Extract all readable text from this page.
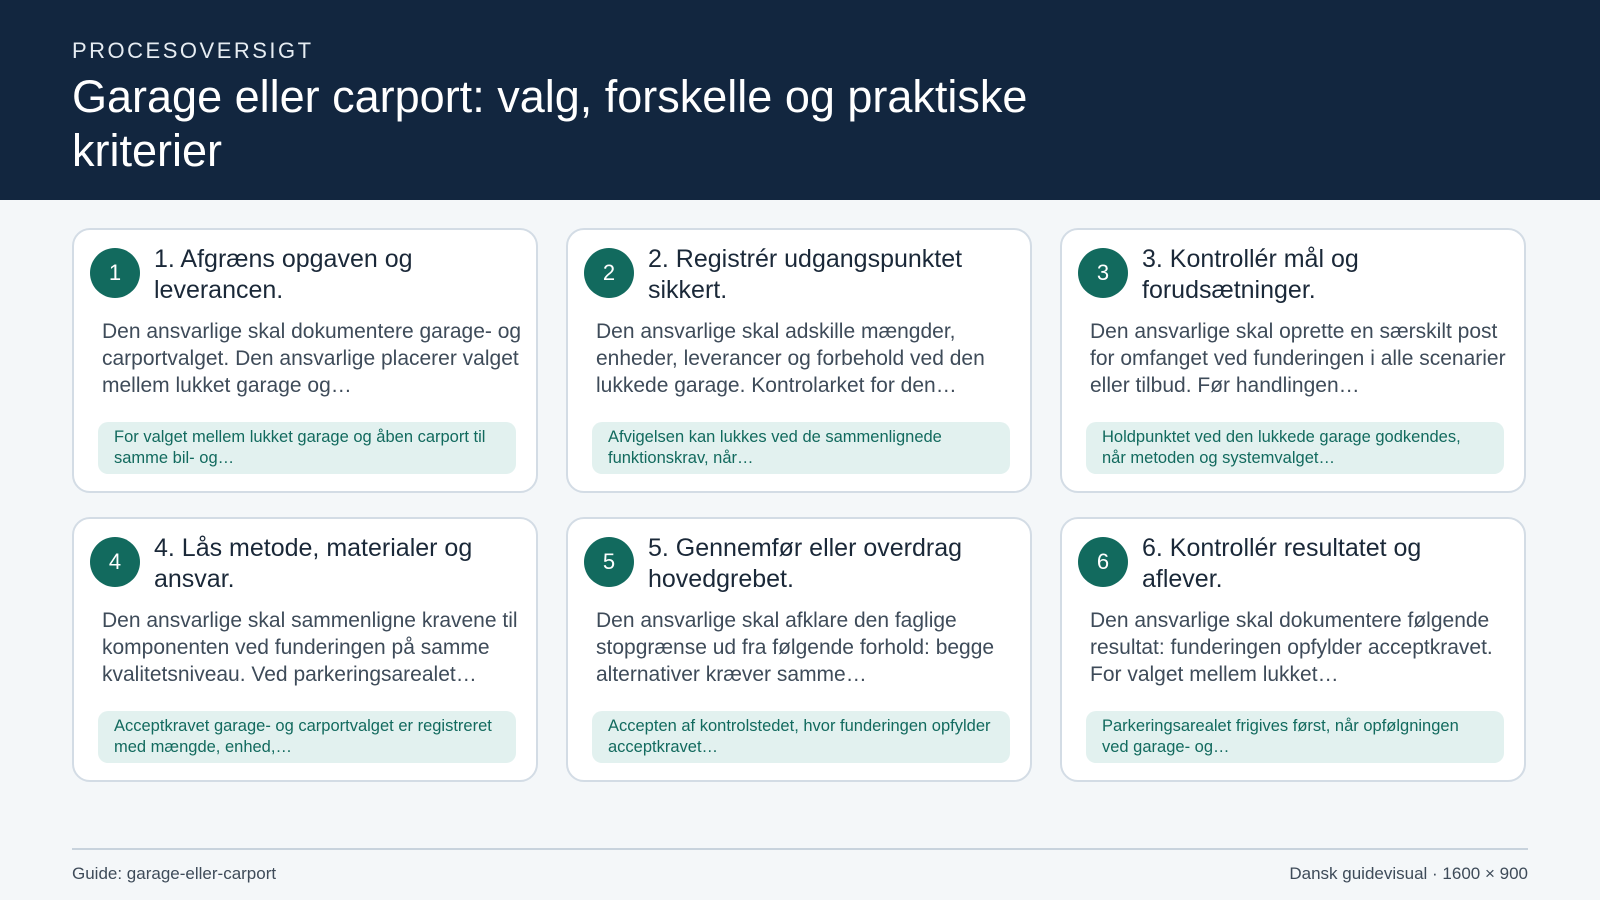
PROCESOVERSIGT
Garage eller carport: valg, forskelle og praktiske kriterier
1	1. Afgræns opgaven og leverancen.
Den ansvarlige skal dokumentere garage- og carportvalget. Den ansvarlige placerer valget mellem lukket garage og…
For valget mellem lukket garage og åben carport til samme bil- og…
2	2. Registrér udgangspunktet sikkert.
Den ansvarlige skal adskille mængder, enheder, leverancer og forbehold ved den lukkede garage. Kontrolarket for den…
Afvigelsen kan lukkes ved de sammenlignede funktionskrav, når…
3	3. Kontrollér mål og forudsætninger.
Den ansvarlige skal oprette en særskilt post for omfanget ved funderingen i alle scenarier eller tilbud. Før handlingen…
Holdpunktet ved den lukkede garage godkendes, når metoden og systemvalget…
4	4. Lås metode, materialer og ansvar.
Den ansvarlige skal sammenligne kravene til komponenten ved funderingen på samme kvalitetsniveau. Ved parkeringsarealet…
Acceptkravet garage- og carportvalget er registreret med mængde, enhed,…
5	5. Gennemfør eller overdrag hovedgrebet.
Den ansvarlige skal afklare den faglige stopgrænse ud fra følgende forhold: begge alternativer kræver samme…
Accepten af kontrolstedet, hvor funderingen opfylder acceptkravet…
6	6. Kontrollér resultatet og aflever.
Den ansvarlige skal dokumentere følgende resultat: funderingen opfylder acceptkravet. For valget mellem lukket…
Parkeringsarealet frigives først, når opfølgningen ved garage- og…
Guide: garage-eller-carport	Dansk guidevisual · 1600 × 900
